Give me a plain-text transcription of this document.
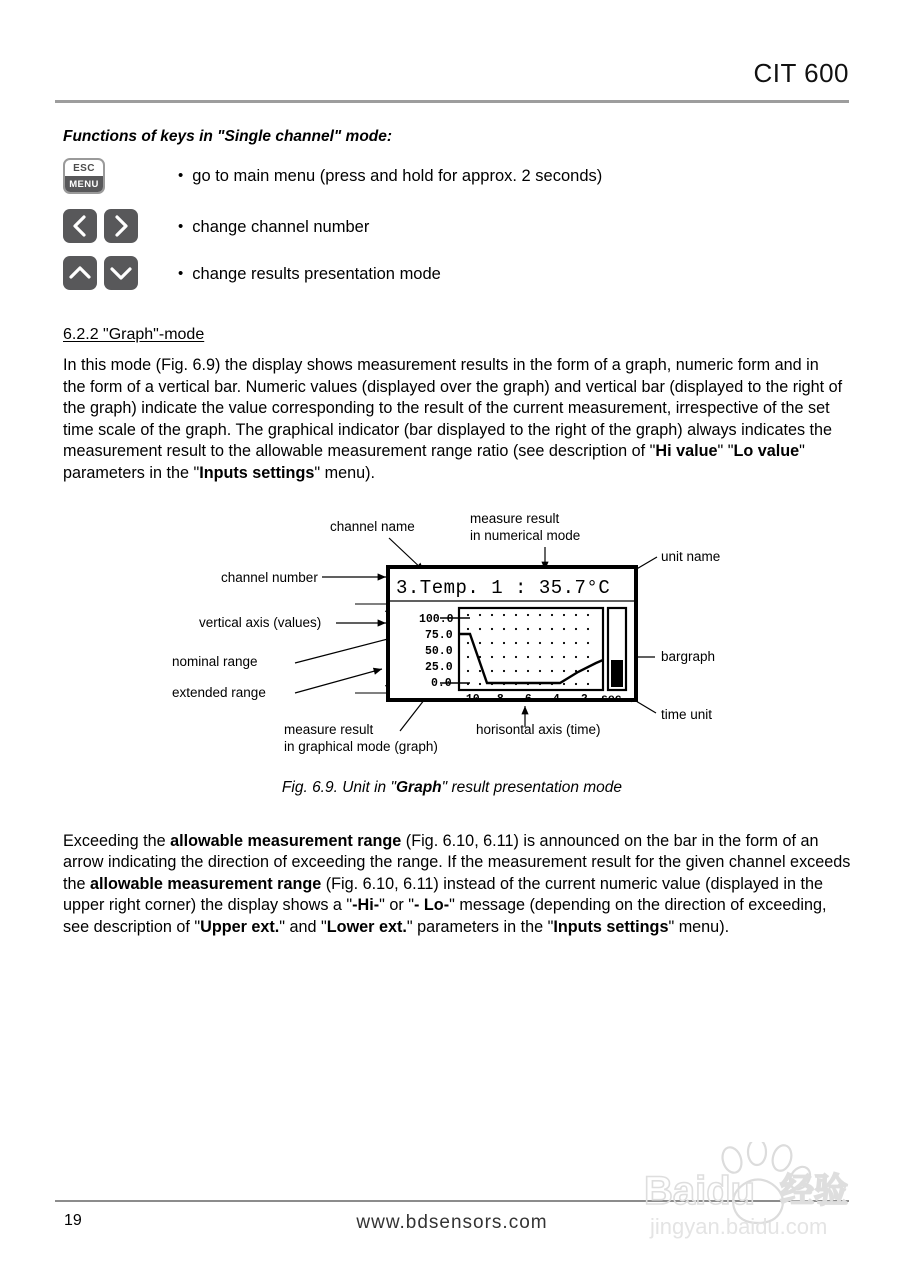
CIT 600
Functions of keys in "Single channel" mode:
ESC
MENU	• go to main menu (press and hold for approx. 2 seconds)
• change channel number
• change results presentation mode
6.2.2 "Graph"-mode
In this mode (Fig. 6.9) the display shows measurement results in the form of a graph, numeric form and in the form of a vertical bar. Numeric values (displayed over the graph) and vertical bar (displayed to the right of the graph) indicate the value corresponding to the result of the current measurement, irrespective of the set time scale of the graph. The graphical indicator (bar displayed to the right of the graph) always indicates the measurement result to the allowable measurement range ratio (see description of "Hi value" "Lo value" parameters in the "Inputs settings" menu).
channel name
measure result
in numerical mode
unit name
channel number
vertical axis (values)
nominal range
extended range
bargraph
time unit
measure result
in graphical mode (graph)
horisontal axis (time)
3.Temp. 1 : 35.7°C
100.0
75.0
50.0
25.0
0.0
-10 -8 -6 -4 -2 sec.
Fig. 6.9. Unit in "Graph" result presentation mode
Exceeding the allowable measurement range (Fig. 6.10, 6.11) is announced on the bar in the form of an arrow indicating the direction of exceeding the range. If the measurement result for the given channel exceeds the allowable measurement range (Fig. 6.10, 6.11) instead of the current numeric value (displayed in the upper right corner) the display shows a "-Hi-" or "- Lo-" message (depending on the direction of exceeding, see description of "Upper ext." and "Lower ext." parameters in the "Inputs settings" menu).
19	www.bdsensors.com
Baidu 经验
jingyan.baidu.com
